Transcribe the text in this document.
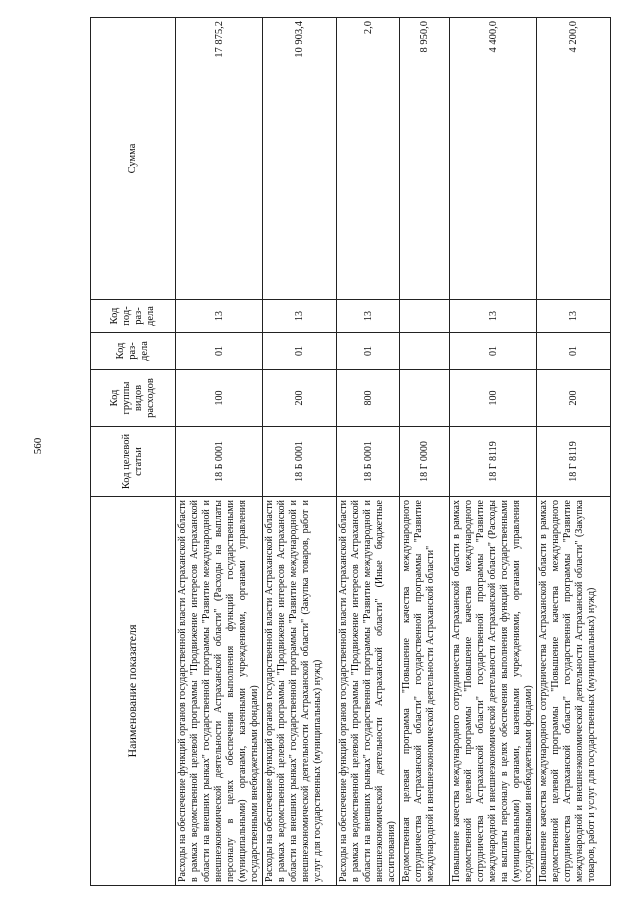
560
Наименование показателя	Код целевой статьи	Код группы видов расходов	Код раз-дела	Код под-раз-дела	Сумма
Расходы на обеспечение функций органов государственной власти Астраханской области в рамках ведомственной целевой программы "Продвижение интересов Астраханской области на внешних рынках" государственной программы "Развитие международной и внешнеэкономической деятельности Астраханской области" (Расходы на выплаты персоналу в целях обеспечения выполнения функций государственными (муниципальными) органами, казенными учреждениями, органами управления государственными внебюджетными фондами)	18 Б 0001	100	01	13	17 875,2
Расходы на обеспечение функций органов государственной власти Астраханской области в рамках ведомственной целевой программы "Продвижение интересов Астраханской области на внешних рынках" государственной программы "Развитие международной и внешнеэкономической деятельности Астраханской области" (Закупка товаров, работ и услуг для государственных (муниципальных) нужд)	18 Б 0001	200	01	13	10 903,4
Расходы на обеспечение функций органов государственной власти Астраханской области в рамках ведомственной целевой программы "Продвижение интересов Астраханской области на внешних рынках" государственной программы "Развитие международной и внешнеэкономической деятельности Астраханской области" (Иные бюджетные ассигнования)	18 Б 0001	800	01	13	2,0
Ведомственная целевая программа "Повышение качества международного сотрудничества Астраханской области" государственной программы "Развитие международной и внешнеэкономической деятельности Астраханской области"	18 Г 0000				8 950,0
Повышение качества международного сотрудничества Астраханской области в рамках ведомственной целевой программы "Повышение качества международного сотрудничества Астраханской области" государственной программы "Развитие международной и внешнеэкономической деятельности Астраханской области" (Расходы на выплаты персоналу в целях обеспечения выполнения функций государственными (муниципальными) органами, казенными учреждениями, органами управления государственными внебюджетными фондами)	18 Г 8119	100	01	13	4 400,0
Повышение качества международного сотрудничества Астраханской области в рамках ведомственной целевой программы "Повышение качества международного сотрудничества Астраханской области" государственной программы "Развитие международной и внешнеэкономической деятельности Астраханской области" (Закупка товаров, работ и услуг для государственных (муниципальных) нужд)	18 Г 8119	200	01	13	4 200,0
